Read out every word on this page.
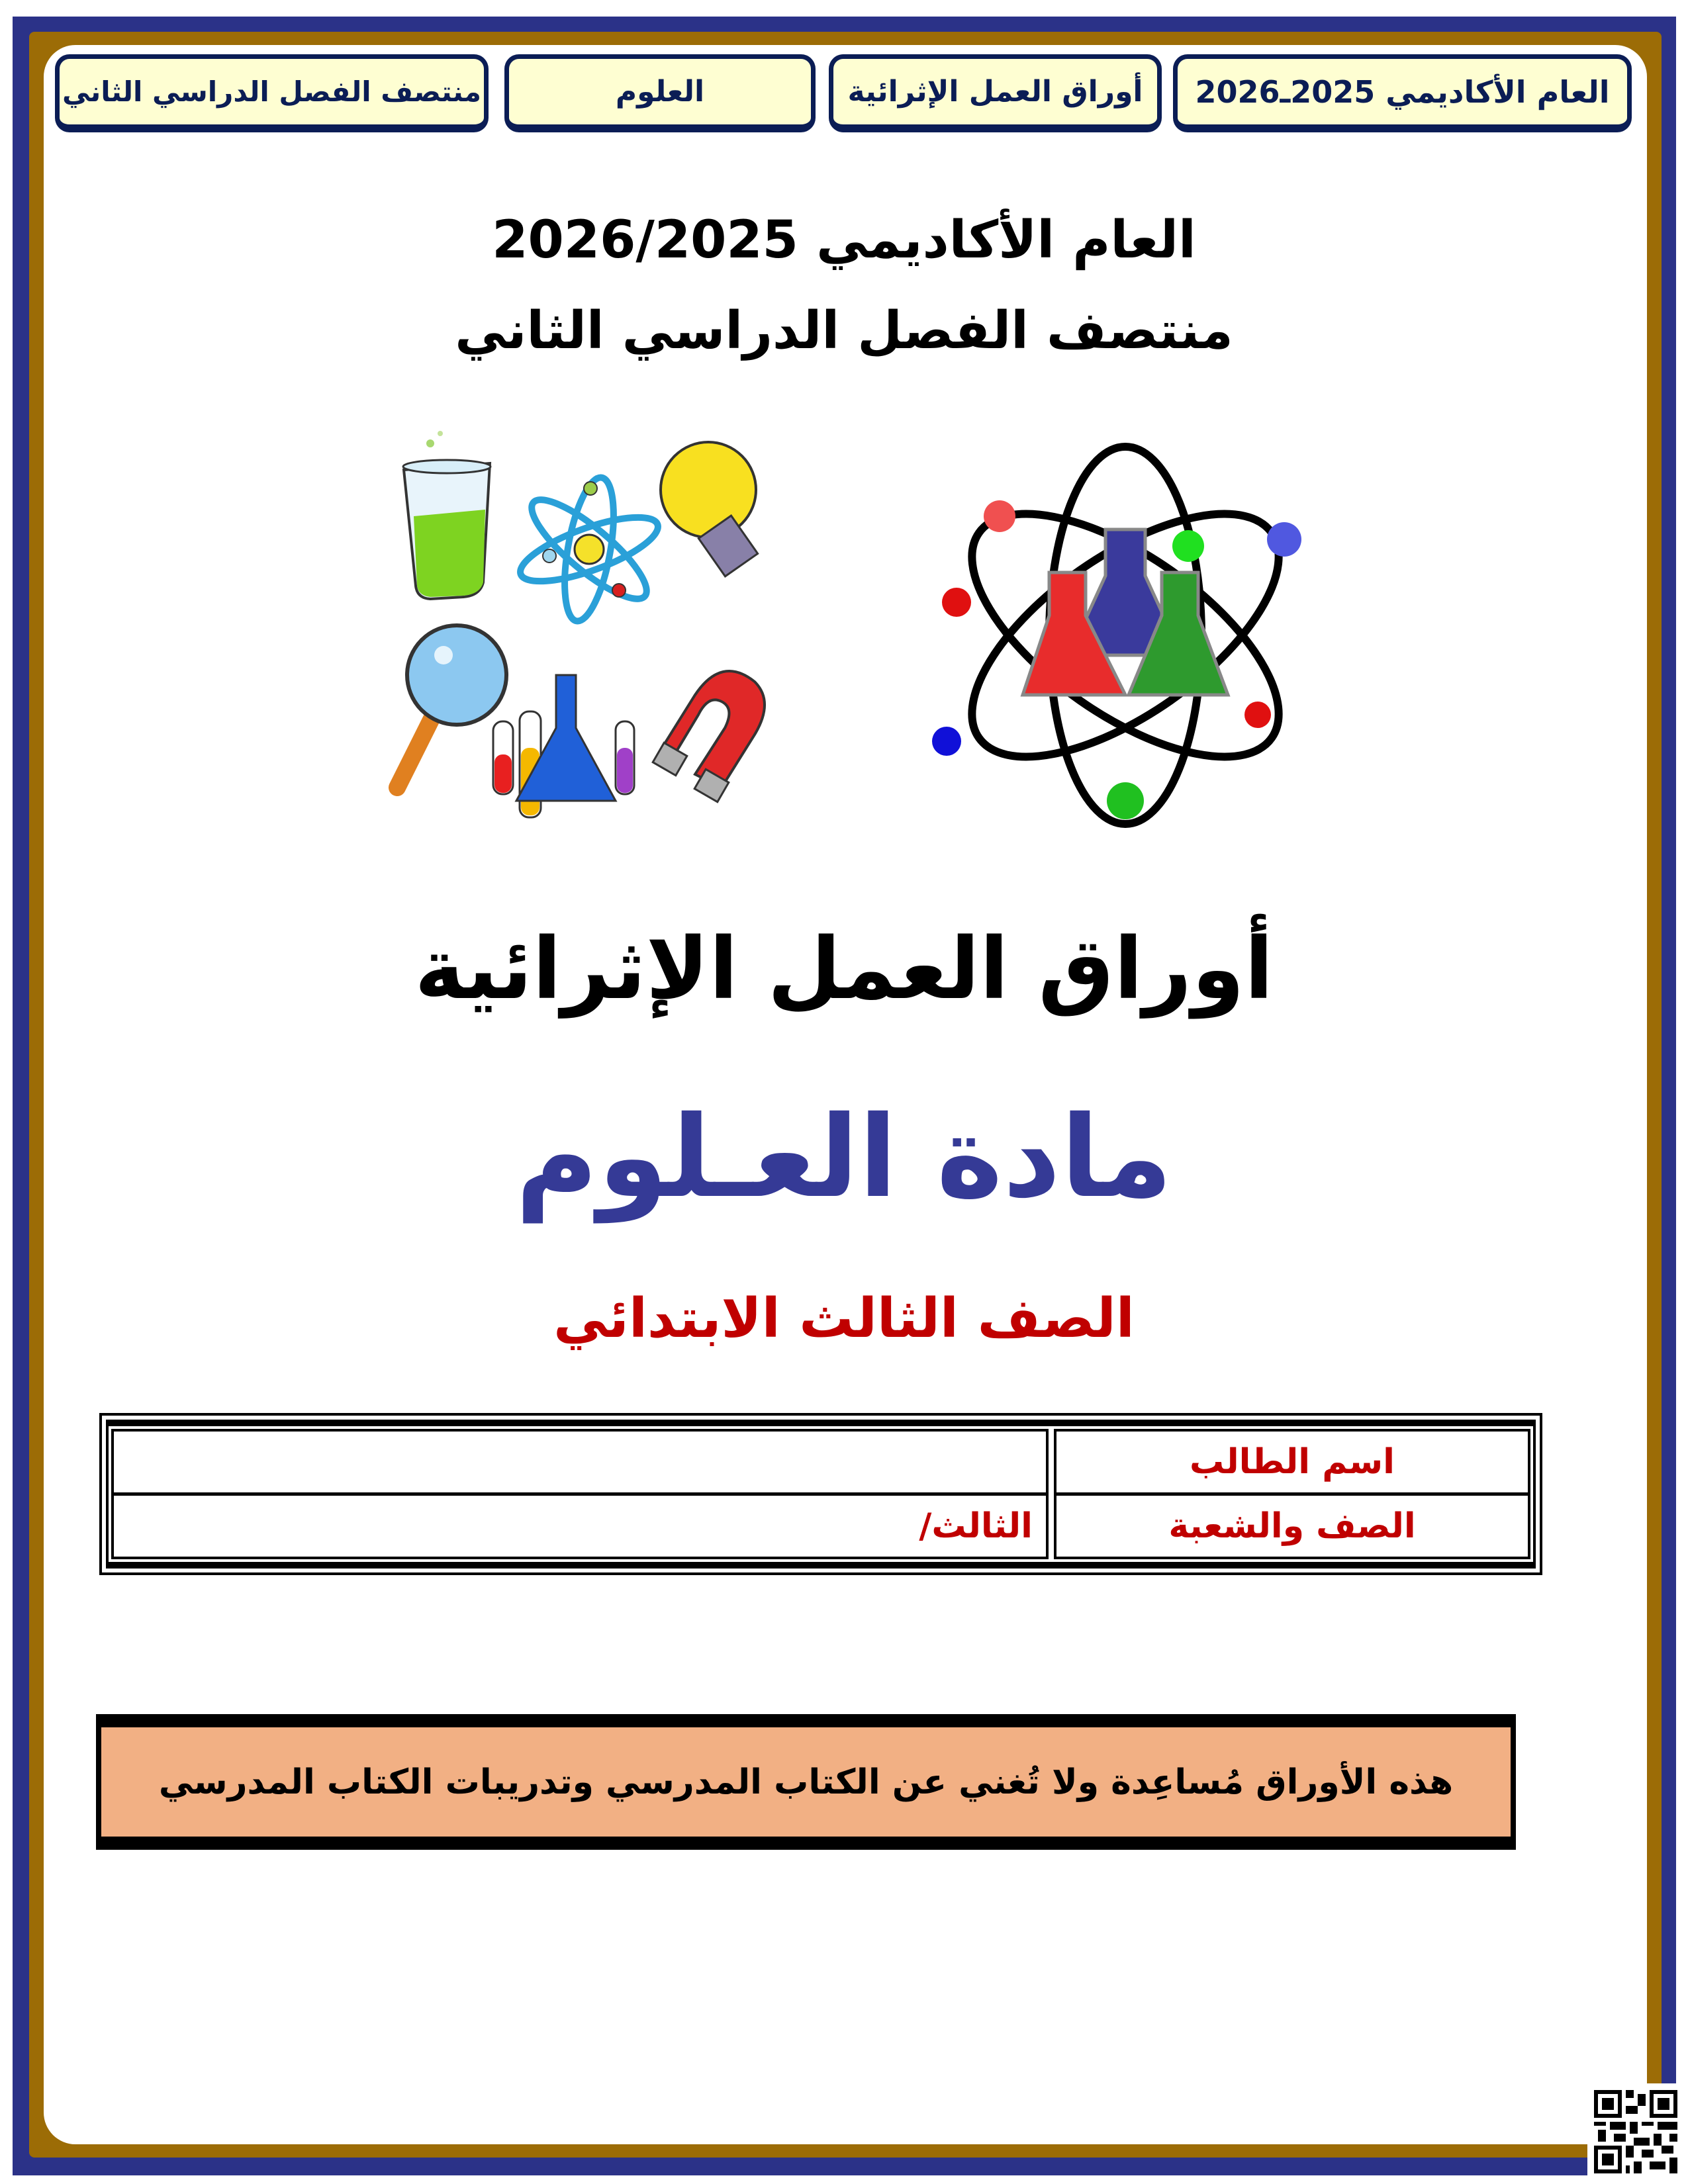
العام الأكاديمي 2025ـ2026
أوراق العمل الإثرائية
العلوم
منتصف الفصل الدراسي الثاني
العام الأكاديمي 2026/2025
منتصف الفصل الدراسي الثاني
أوراق العمل الإثرائية
مادة العـلوم
الصف الثالث الابتدائي
اسم الطالب
الصف والشعبة
الثالث/
هذه الأوراق مُساعِدة ولا تُغني عن الكتاب المدرسي وتدريبات الكتاب المدرسي
